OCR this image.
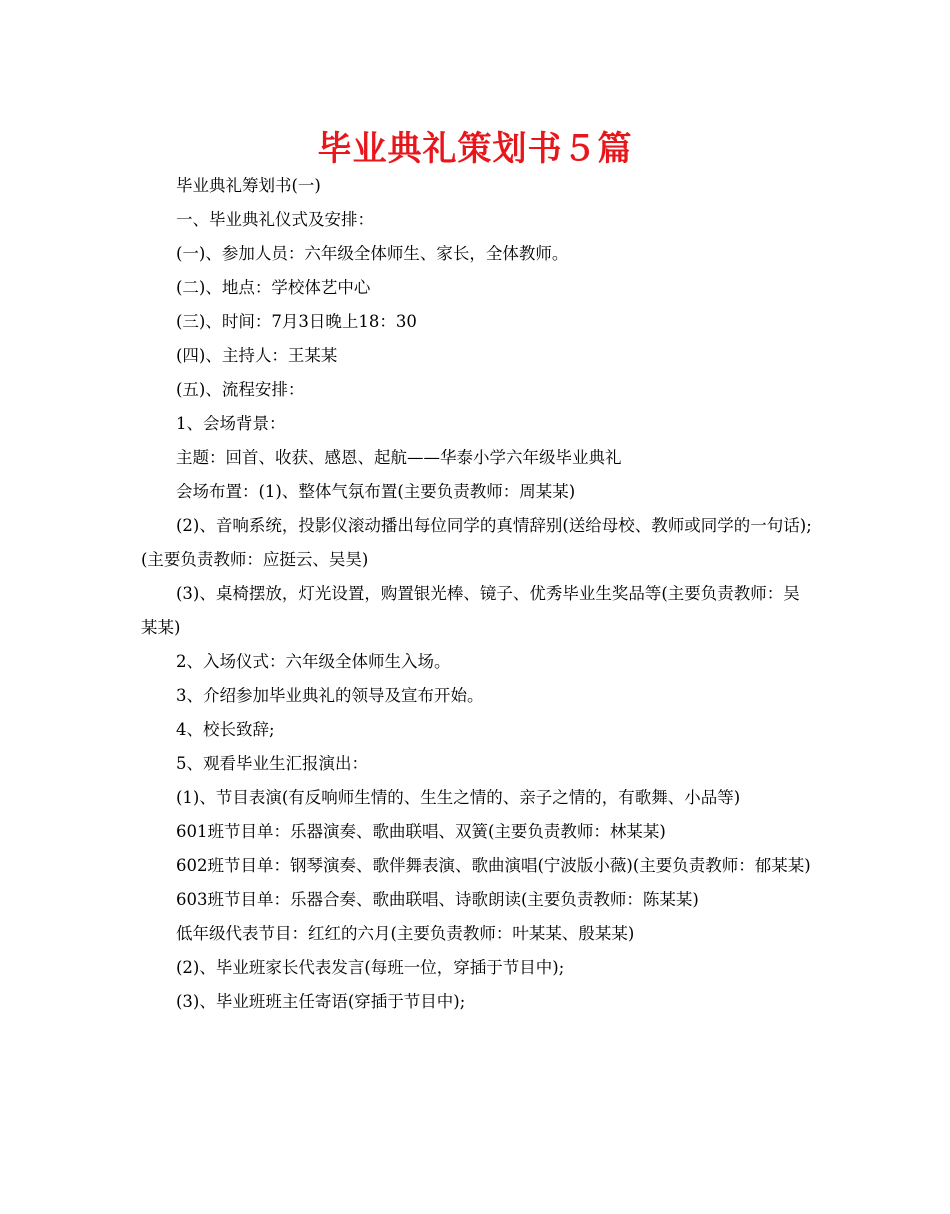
毕业典礼策划书５篇

毕业典礼筹划书(一)

一、毕业典礼仪式及安排：

(一)、参加人员：六年级全体师生、家长，全体教师。

(二)、地点：学校体艺中心

(三)、时间：7月3日晚上18：30

(四)、主持人：王某某

(五)、流程安排：

1、会场背景：

主题：回首、收获、感恩、起航——华泰小学六年级毕业典礼

会场布置：(1)、整体气氛布置(主要负责教师：周某某)

(2)、音响系统，投影仪滚动播出每位同学的真情辞别(送给母校、教师或同学的一句话);(主要负责教师：应挺云、吴昊)

(3)、桌椅摆放，灯光设置，购置银光棒、镜子、优秀毕业生奖品等(主要负责教师：吴某某)

2、入场仪式：六年级全体师生入场。

3、介绍参加毕业典礼的领导及宣布开始。

4、校长致辞;

5、观看毕业生汇报演出：

(1)、节目表演(有反响师生情的、生生之情的、亲子之情的，有歌舞、小品等)

601班节目单：乐器演奏、歌曲联唱、双簧(主要负责教师：林某某)

602班节目单：钢琴演奏、歌伴舞表演、歌曲演唱(宁波版小薇)(主要负责教师：郁某某)

603班节目单：乐器合奏、歌曲联唱、诗歌朗读(主要负责教师：陈某某)

低年级代表节目：红红的六月(主要负责教师：叶某某、殷某某)

(2)、毕业班家长代表发言(每班一位，穿插于节目中);

(3)、毕业班班主任寄语(穿插于节目中);
